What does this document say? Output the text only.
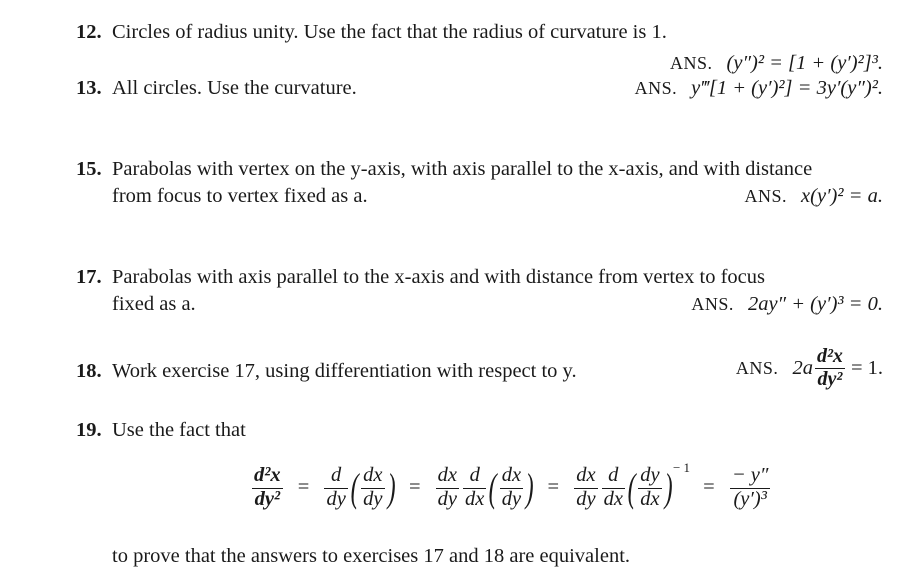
12. Circles of radius unity. Use the fact that the radius of curvature is 1.
ANS. (y″)² = [1 + (y′)²]³.
13. All circles. Use the curvature.	ANS. y‴[1 + (y′)²] = 3y′(y″)².
15. Parabolas with vertex on the y-axis, with axis parallel to the x-axis, and with distance
from focus to vertex fixed as a.	ANS. x(y′)² = a.
17. Parabolas with axis parallel to the x-axis and with distance from vertex to focus
fixed as a.	ANS. 2ay″ + (y′)³ = 0.
18. Work exercise 17, using differentiation with respect to y.	ANS. $2a \frac{\text{d²x}}{\text{dy²}} = 1$.
19. Use the fact that
$\frac{\text{d²x}}{\text{dy²}} = \frac{d}{dy}$ ( $\frac{dx}{dy}$ ) = $\frac{dx}{dy} \frac{d}{dx}$ ( $\frac{dx}{dy}$ ) = $\frac{dx}{dy} \frac{d}{dx}$ ( $\frac{dy}{dx} )^{- 1} = \frac{- y''}{\text{(y′)³}}$
to prove that the answers to exercises 17 and 18 are equivalent.
